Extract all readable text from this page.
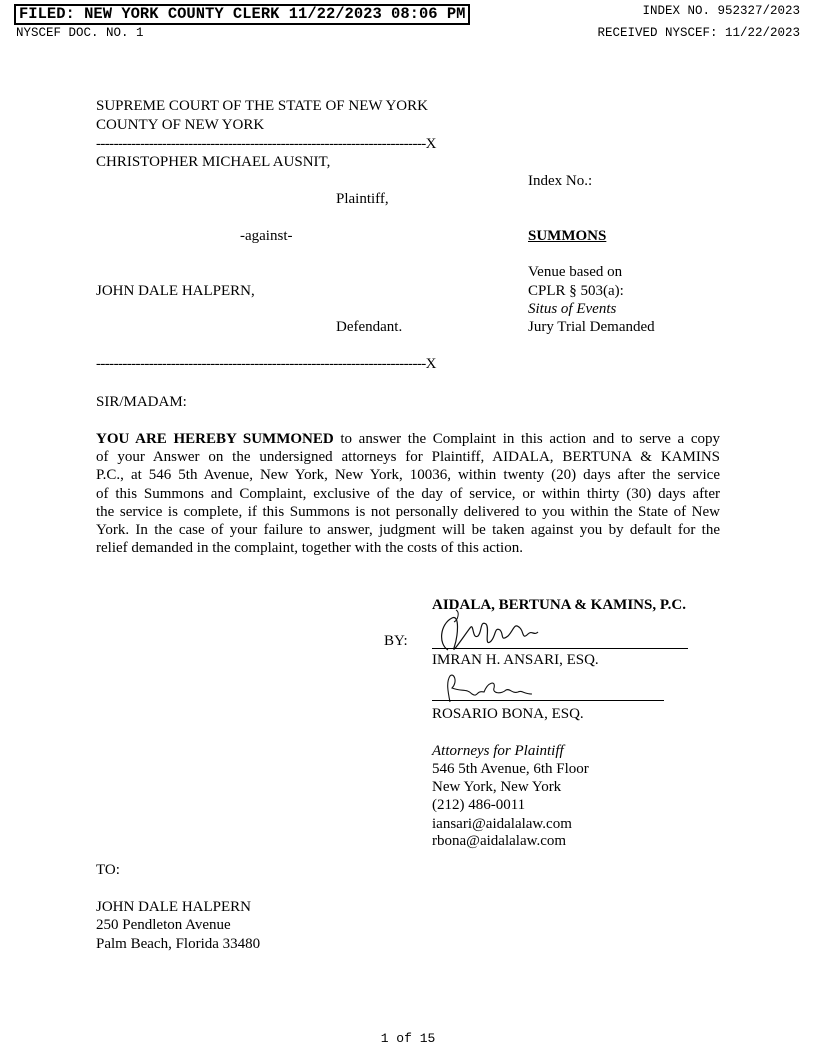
FILED: NEW YORK COUNTY CLERK 11/22/2023 08:06 PM	INDEX NO. 952327/2023
NYSCEF DOC. NO. 1	RECEIVED NYSCEF: 11/22/2023
SUPREME COURT OF THE STATE OF NEW YORK
COUNTY OF NEW YORK
---------------------------------------------------------------------------X
CHRISTOPHER MICHAEL AUSNIT,
Index No.:
Plaintiff,
-against-	SUMMONS
Venue based on
JOHN DALE HALPERN,	CPLR § 503(a):
Situs of Events
Defendant.	Jury Trial Demanded
---------------------------------------------------------------------------X
SIR/MADAM:
YOU ARE HEREBY SUMMONED to answer the Complaint in this action and to serve a copy
of your Answer on the undersigned attorneys for Plaintiff, AIDALA, BERTUNA & KAMINS
P.C., at 546 5th Avenue, New York, New York, 10036, within twenty (20) days after the service
of this Summons and Complaint, exclusive of the day of service, or within thirty (30) days after
the service is complete, if this Summons is not personally delivered to you within the State of New
York. In the case of your failure to answer, judgment will be taken against you by default for the
relief demanded in the complaint, together with the costs of this action.
AIDALA, BERTUNA & KAMINS, P.C.
BY:
IMRAN H. ANSARI, ESQ.
ROSARIO BONA, ESQ.
Attorneys for Plaintiff
546 5th Avenue, 6th Floor
New York, New York
(212) 486-0011
iansari@aidalalaw.com
rbona@aidalalaw.com
TO:
JOHN DALE HALPERN
250 Pendleton Avenue
Palm Beach, Florida 33480
1 of 15
